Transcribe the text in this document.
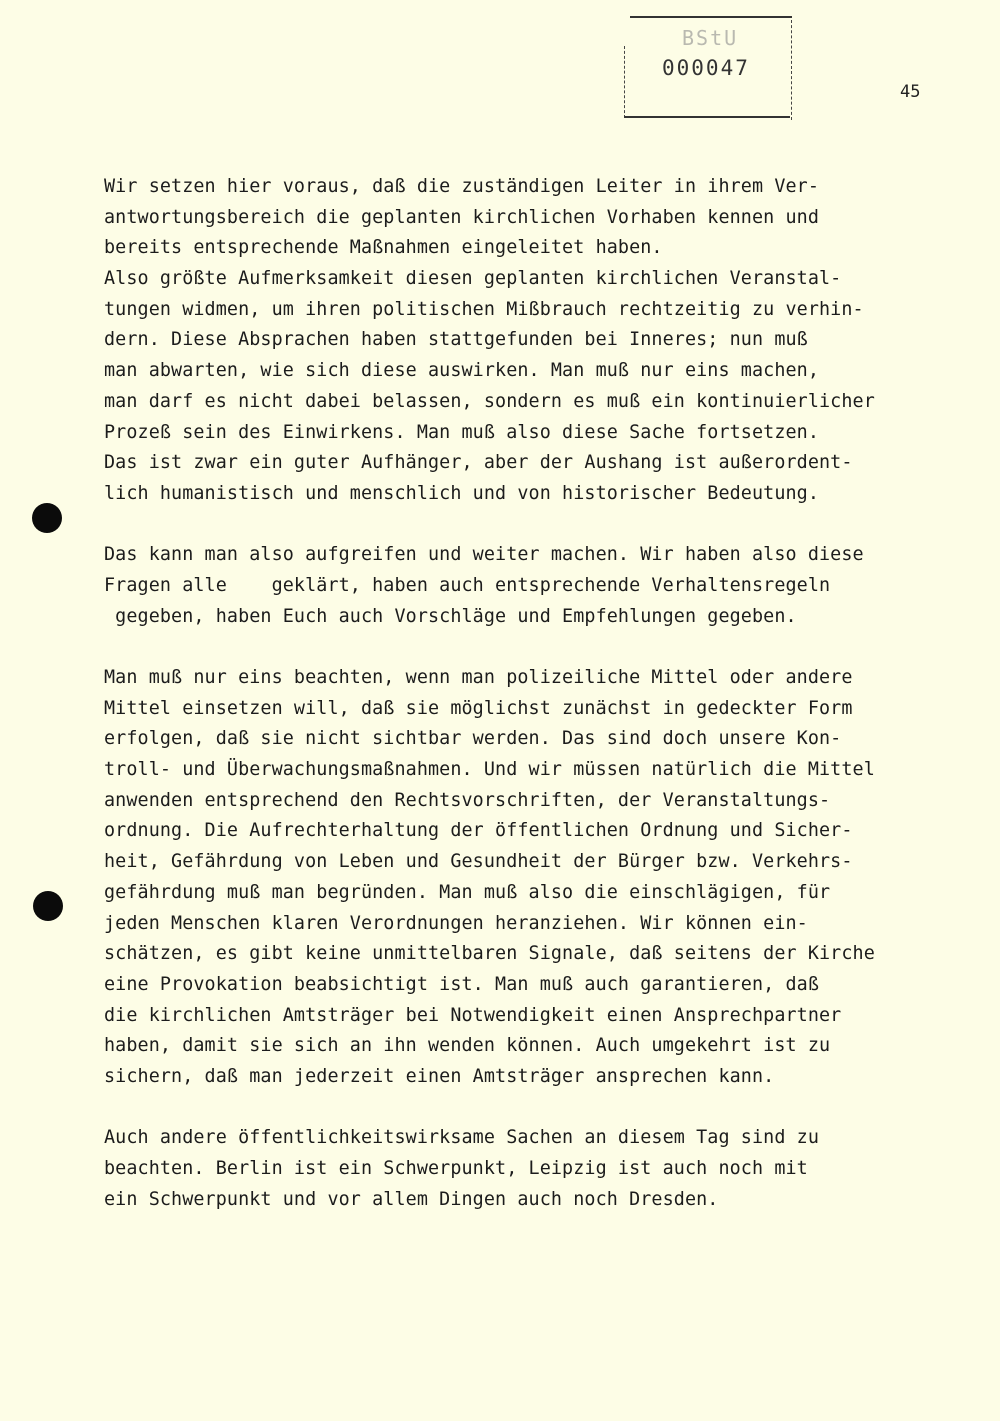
BStU
000047
45
Wir setzen hier voraus, daß die zuständigen Leiter in ihrem Ver-
antwortungsbereich die geplanten kirchlichen Vorhaben kennen und
bereits entsprechende Maßnahmen eingeleitet haben.
Also größte Aufmerksamkeit diesen geplanten kirchlichen Veranstal-
tungen widmen, um ihren politischen Mißbrauch rechtzeitig zu verhin-
dern. Diese Absprachen haben stattgefunden bei Inneres; nun muß
man abwarten, wie sich diese auswirken. Man muß nur eins machen,
man darf es nicht dabei belassen, sondern es muß ein kontinuierlicher
Prozeß sein des Einwirkens. Man muß also diese Sache fortsetzen.
Das ist zwar ein guter Aufhänger, aber der Aushang ist außerordent-
lich humanistisch und menschlich und von historischer Bedeutung.
Das kann man also aufgreifen und weiter machen. Wir haben also diese
Fragen alle    geklärt, haben auch entsprechende Verhaltensregeln
gegeben, haben Euch auch Vorschläge und Empfehlungen gegeben.
Man muß nur eins beachten, wenn man polizeiliche Mittel oder andere
Mittel einsetzen will, daß sie möglichst zunächst in gedeckter Form
erfolgen, daß sie nicht sichtbar werden. Das sind doch unsere Kon-
troll- und Überwachungsmaßnahmen. Und wir müssen natürlich die Mittel
anwenden entsprechend den Rechtsvorschriften, der Veranstaltungs-
ordnung. Die Aufrechterhaltung der öffentlichen Ordnung und Sicher-
heit, Gefährdung von Leben und Gesundheit der Bürger bzw. Verkehrs-
gefährdung muß man begründen. Man muß also die einschlägigen, für
jeden Menschen klaren Verordnungen heranziehen. Wir können ein-
schätzen, es gibt keine unmittelbaren Signale, daß seitens der Kirche
eine Provokation beabsichtigt ist. Man muß auch garantieren, daß
die kirchlichen Amtsträger bei Notwendigkeit einen Ansprechpartner
haben, damit sie sich an ihn wenden können. Auch umgekehrt ist zu
sichern, daß man jederzeit einen Amtsträger ansprechen kann.
Auch andere öffentlichkeitswirksame Sachen an diesem Tag sind zu
beachten. Berlin ist ein Schwerpunkt, Leipzig ist auch noch mit
ein Schwerpunkt und vor allem Dingen auch noch Dresden.
